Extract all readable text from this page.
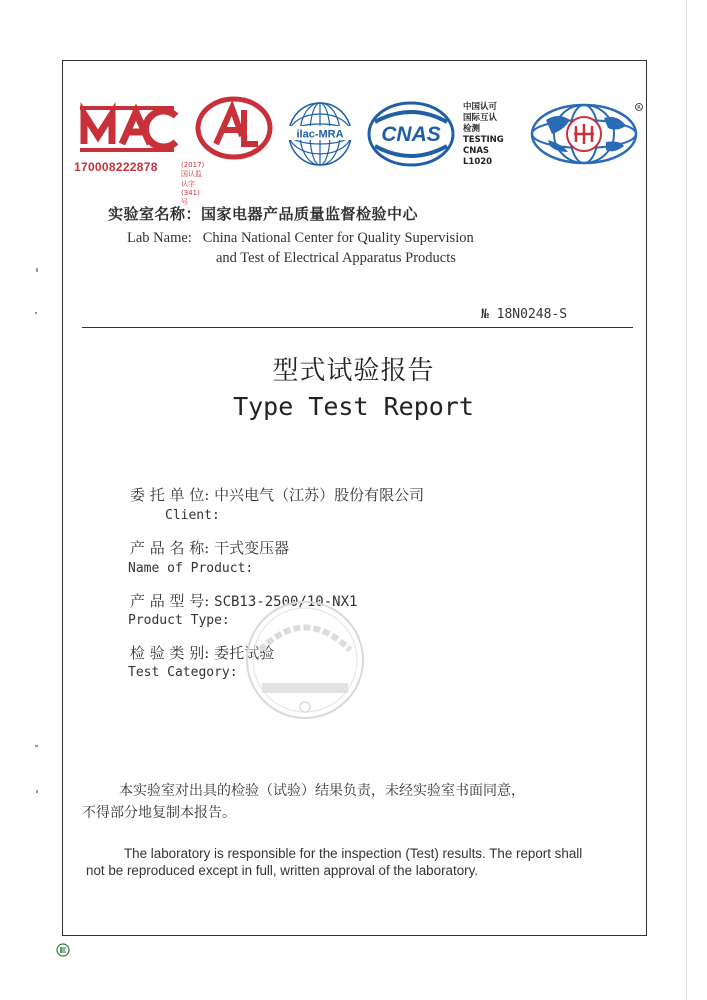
170008222878	(2017)国认监认字(341)号
ilac-MRA CNAS
中国认可
国际互认
检测
TESTING
CNAS L1020
R
实验室名称：国家电器产品质量监督检验中心
Lab Name: China National Center for Quality Supervision
and Test of Electrical Apparatus Products
№ 18N0248-S
型式试验报告
Type Test Report
委 托 单 位: 中兴电气（江苏）股份有限公司
Client:
产 品 名 称: 干式变压器
Name of Product:
产 品 型 号: SCB13-2500/10-NX1
Product Type:
检 验 类 别: 委托试验
Test Category:
本实验室对出具的检验（试验）结果负责，未经实验室书面同意，
不得部分地复制本报告。
The laboratory is responsible for the inspection (Test) results. The report shall
not be reproduced except in full, written approval of the laboratory.
